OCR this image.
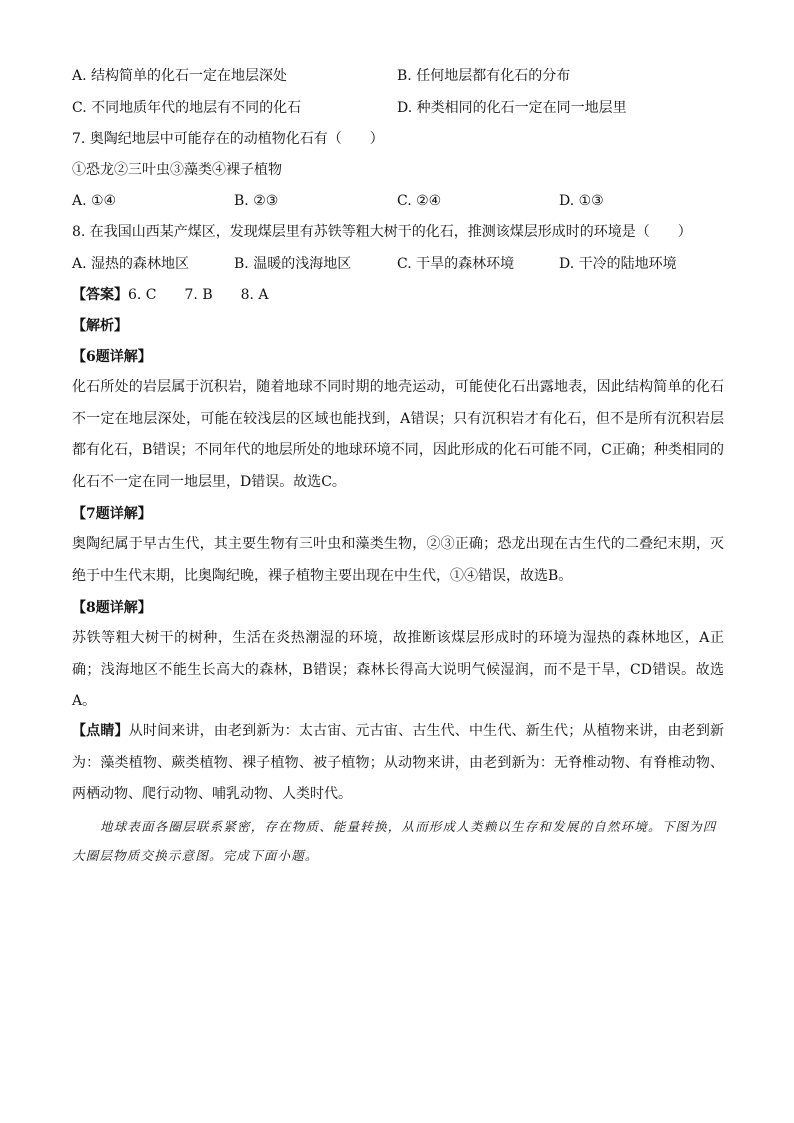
A. 结构简单的化石一定在地层深处	B. 任何地层都有化石的分布
C. 不同地质年代的地层有不同的化石	D. 种类相同的化石一定在同一地层里
7. 奥陶纪地层中可能存在的动植物化石有（　　）
①恐龙②三叶虫③藻类④裸子植物
A. ①④	B. ②③	C. ②④	D. ①③
8. 在我国山西某产煤区，发现煤层里有苏铁等粗大树干的化石，推测该煤层形成时的环境是（　　）
A. 湿热的森林地区	B. 温暖的浅海地区	C. 干旱的森林环境	D. 干冷的陆地环境
【答案】6. C　　7. B　　8. A
【解析】
【6题详解】
化石所处的岩层属于沉积岩，随着地球不同时期的地壳运动，可能使化石出露地表，因此结构简单的化石不一定在地层深处，可能在较浅层的区域也能找到，A错误；只有沉积岩才有化石，但不是所有沉积岩层都有化石，B错误；不同年代的地层所处的地球环境不同，因此形成的化石可能不同，C正确；种类相同的化石不一定在同一地层里，D错误。故选C。
【7题详解】
奥陶纪属于早古生代，其主要生物有三叶虫和藻类生物，②③正确；恐龙出现在古生代的二叠纪末期，灭绝于中生代末期，比奥陶纪晚，裸子植物主要出现在中生代，①④错误，故选B。
【8题详解】
苏铁等粗大树干的树种，生活在炎热潮湿的环境，故推断该煤层形成时的环境为湿热的森林地区，A正确；浅海地区不能生长高大的森林，B错误；森林长得高大说明气候湿润，而不是干旱，CD错误。故选A。
【点睛】从时间来讲，由老到新为：太古宙、元古宙、古生代、中生代、新生代；从植物来讲，由老到新为：藻类植物、蕨类植物、裸子植物、被子植物；从动物来讲，由老到新为：无脊椎动物、有脊椎动物、两栖动物、爬行动物、哺乳动物、人类时代。
地球表面各圈层联系紧密，存在物质、能量转换，从而形成人类赖以生存和发展的自然环境。下图为四大圈层物质交换示意图。完成下面小题。
